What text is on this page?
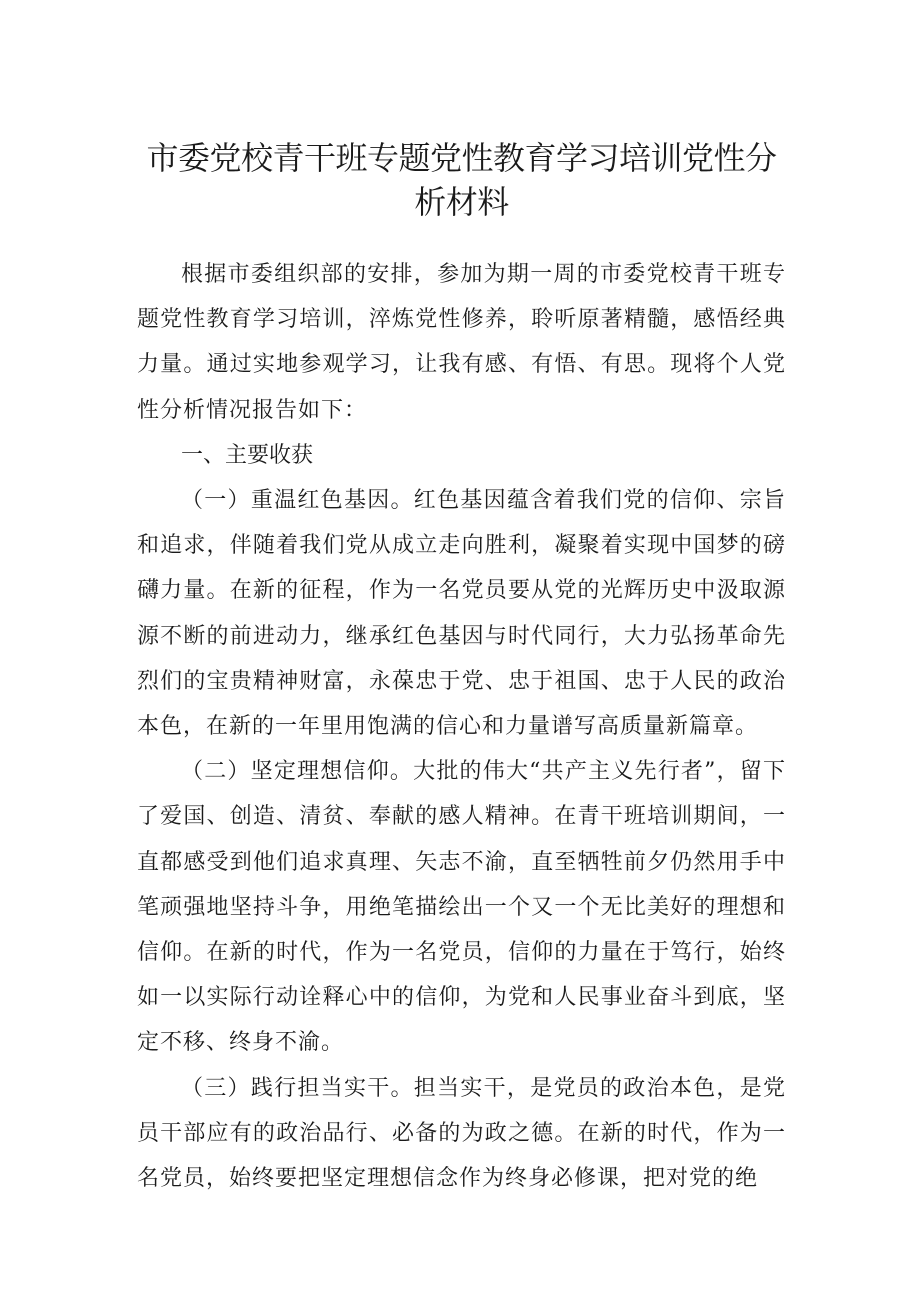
市委党校青干班专题党性教育学习培训党性分析材料

根据市委组织部的安排，参加为期一周的市委党校青干班专题党性教育学习培训，淬炼党性修养，聆听原著精髓，感悟经典力量。通过实地参观学习，让我有感、有悟、有思。现将个人党性分析情况报告如下：

一、主要收获

（一）重温红色基因。红色基因蕴含着我们党的信仰、宗旨和追求，伴随着我们党从成立走向胜利，凝聚着实现中国梦的磅礴力量。在新的征程，作为一名党员要从党的光辉历史中汲取源源不断的前进动力，继承红色基因与时代同行，大力弘扬革命先烈们的宝贵精神财富，永葆忠于党、忠于祖国、忠于人民的政治本色，在新的一年里用饱满的信心和力量谱写高质量新篇章。

（二）坚定理想信仰。大批的伟大“共产主义先行者”，留下了爱国、创造、清贫、奉献的感人精神。在青干班培训期间，一直都感受到他们追求真理、矢志不渝，直至牺牲前夕仍然用手中笔顽强地坚持斗争，用绝笔描绘出一个又一个无比美好的理想和信仰。在新的时代，作为一名党员，信仰的力量在于笃行，始终如一以实际行动诠释心中的信仰，为党和人民事业奋斗到底，坚定不移、终身不渝。

（三）践行担当实干。担当实干，是党员的政治本色，是党员干部应有的政治品行、必备的为政之德。在新的时代，作为一名党员，始终要把坚定理想信念作为终身必修课，把对党的绝
